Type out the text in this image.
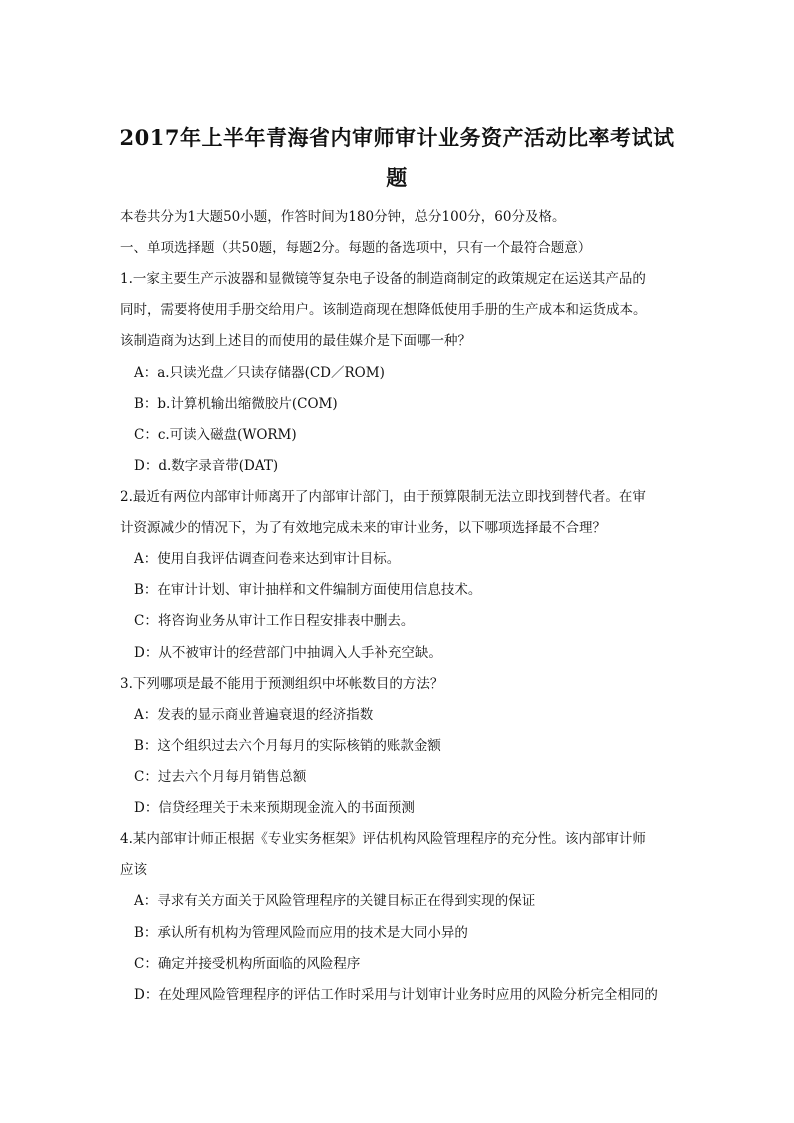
2017年上半年青海省内审师审计业务资产活动比率考试试
题
本卷共分为1大题50小题，作答时间为180分钟，总分100分，60分及格。
一、单项选择题（共50题，每题2分。每题的备选项中，只有一个最符合题意）
1.一家主要生产示波器和显微镜等复杂电子设备的制造商制定的政策规定在运送其产品的
同时，需要将使用手册交给用户。该制造商现在想降低使用手册的生产成本和运货成本。
该制造商为达到上述目的而使用的最佳媒介是下面哪一种？
A：a.只读光盘／只读存储器(CD／ROM)
B：b.计算机输出缩微胶片(COM)
C：c.可读入磁盘(WORM)
D：d.数字录音带(DAT)
2.最近有两位内部审计师离开了内部审计部门，由于预算限制无法立即找到替代者。在审
计资源减少的情况下，为了有效地完成未来的审计业务，以下哪项选择最不合理？
A：使用自我评估调查问卷来达到审计目标。
B：在审计计划、审计抽样和文件编制方面使用信息技术。
C：将咨询业务从审计工作日程安排表中删去。
D：从不被审计的经营部门中抽调入人手补充空缺。
3.下列哪项是最不能用于预测组织中坏帐数目的方法？
A：发表的显示商业普遍衰退的经济指数
B：这个组织过去六个月每月的实际核销的账款金额
C：过去六个月每月销售总额
D：信贷经理关于未来预期现金流入的书面预测
4.某内部审计师正根据《专业实务框架》评估机构风险管理程序的充分性。该内部审计师
应该
A：寻求有关方面关于风险管理程序的关键目标正在得到实现的保证
B：承认所有机构为管理风险而应用的技术是大同小异的
C：确定并接受机构所面临的风险程序
D：在处理风险管理程序的评估工作时采用与计划审计业务时应用的风险分析完全相同的
